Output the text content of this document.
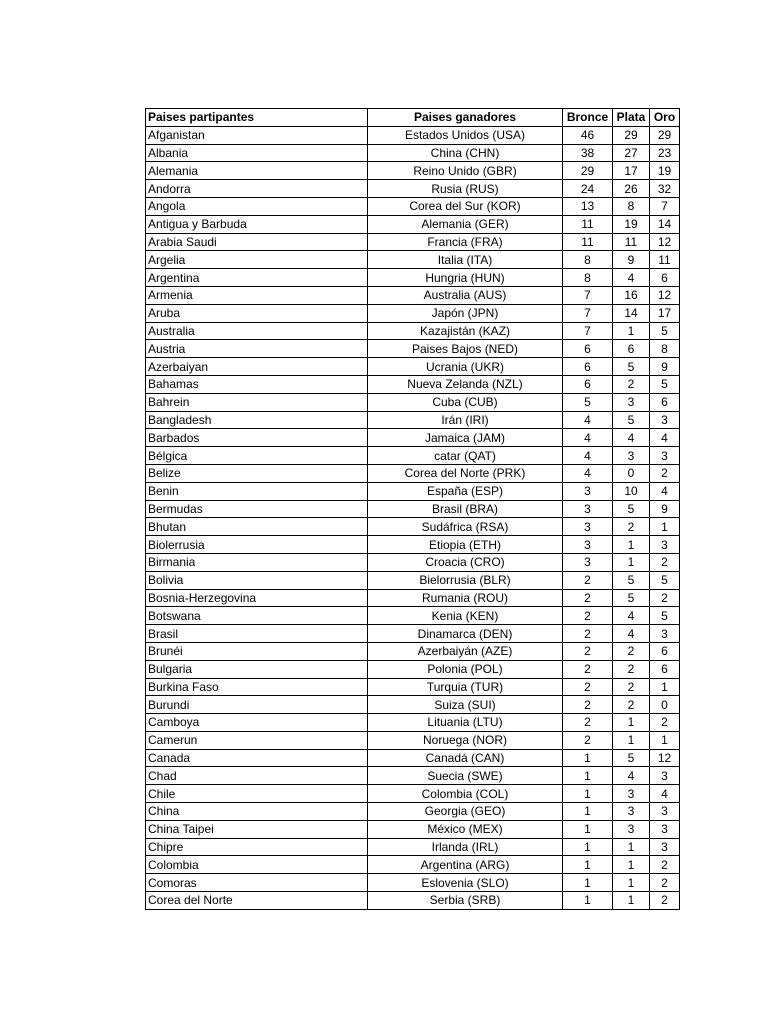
Paises partipantes	Paises ganadores	Bronce	Plata	Oro
Afganistan	Estados Unidos (USA)	46	29	29
Albania	China (CHN)	38	27	23
Alemania	Reino Unido (GBR)	29	17	19
Andorra	Rusia (RUS)	24	26	32
Angola	Corea del Sur (KOR)	13	8	7
Antigua y Barbuda	Alemania (GER)	11	19	14
Arabia Saudi	Francia (FRA)	11	11	12
Argelia	Italia (ITA)	8	9	11
Argentina	Hungria (HUN)	8	4	6
Armenia	Australia (AUS)	7	16	12
Aruba	Japón (JPN)	7	14	17
Australia	Kazajistán (KAZ)	7	1	5
Austria	Paises Bajos (NED)	6	6	8
Azerbaiyan	Ucrania (UKR)	6	5	9
Bahamas	Nueva Zelanda (NZL)	6	2	5
Bahrein	Cuba (CUB)	5	3	6
Bangladesh	Irán (IRI)	4	5	3
Barbados	Jamaica (JAM)	4	4	4
Bélgica	catar (QAT)	4	3	3
Belize	Corea del Norte (PRK)	4	0	2
Benin	España (ESP)	3	10	4
Bermudas	Brasil (BRA)	3	5	9
Bhutan	Sudáfrica (RSA)	3	2	1
Biolerrusia	Etiopia (ETH)	3	1	3
Birmania	Croacia (CRO)	3	1	2
Bolivia	Bielorrusia (BLR)	2	5	5
Bosnia-Herzegovina	Rumania (ROU)	2	5	2
Botswana	Kenia (KEN)	2	4	5
Brasil	Dinamarca (DEN)	2	4	3
Brunéi	Azerbaiyán (AZE)	2	2	6
Bulgaria	Polonia (POL)	2	2	6
Burkina Faso	Turquia (TUR)	2	2	1
Burundi	Suiza (SUI)	2	2	0
Camboya	Lituania (LTU)	2	1	2
Camerun	Noruega (NOR)	2	1	1
Canada	Canadá (CAN)	1	5	12
Chad	Suecia (SWE)	1	4	3
Chile	Colombia (COL)	1	3	4
China	Georgia (GEO)	1	3	3
China Taipei	México (MEX)	1	3	3
Chipre	Irlanda (IRL)	1	1	3
Colombia	Argentina (ARG)	1	1	2
Comoras	Eslovenia (SLO)	1	1	2
Corea del Norte	Serbia (SRB)	1	1	2
